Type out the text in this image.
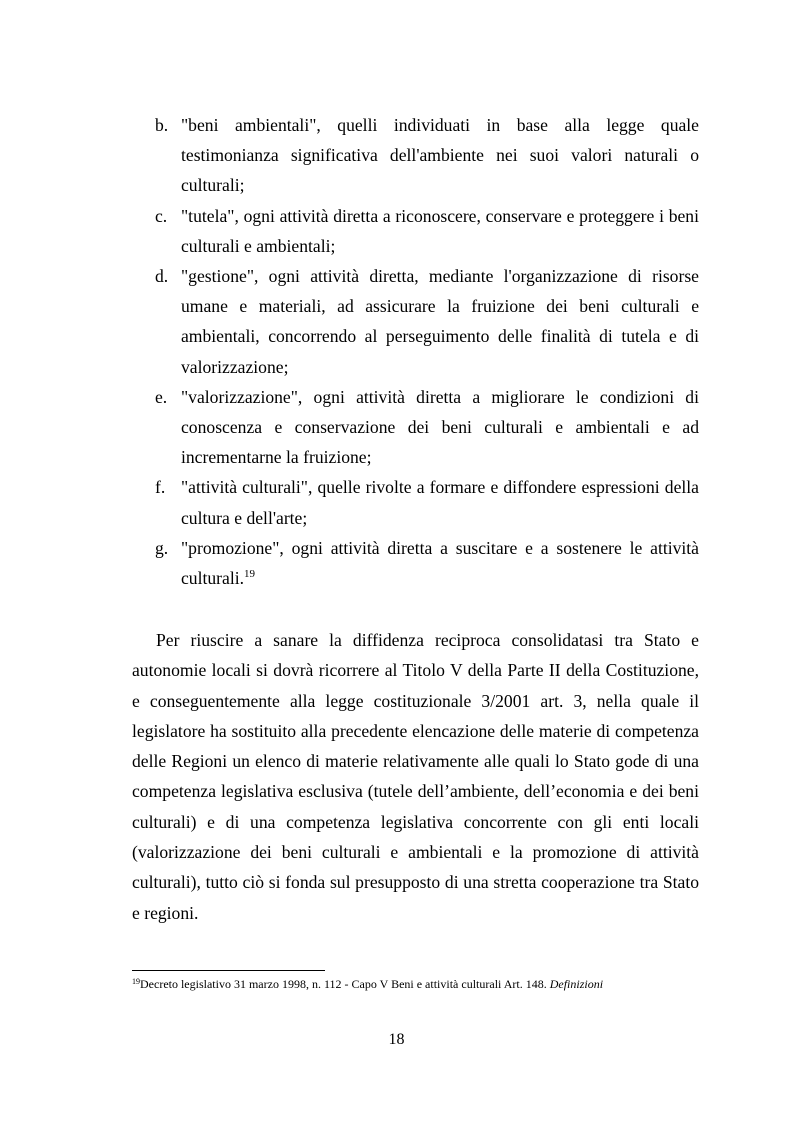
b. "beni ambientali", quelli individuati in base alla legge quale testimonianza significativa dell'ambiente nei suoi valori naturali o culturali;
c. "tutela", ogni attività diretta a riconoscere, conservare e proteggere i beni culturali e ambientali;
d. "gestione", ogni attività diretta, mediante l'organizzazione di risorse umane e materiali, ad assicurare la fruizione dei beni culturali e ambientali, concorrendo al perseguimento delle finalità di tutela e di valorizzazione;
e. "valorizzazione", ogni attività diretta a migliorare le condizioni di conoscenza e conservazione dei beni culturali e ambientali e ad incrementarne la fruizione;
f. "attività culturali", quelle rivolte a formare e diffondere espressioni della cultura e dell'arte;
g. "promozione", ogni attività diretta a suscitare e a sostenere le attività culturali.$^{19}$

Per riuscire a sanare la diffidenza reciproca consolidatasi tra Stato e autonomie locali si dovrà ricorrere al Titolo V della Parte II della Costituzione, e conseguentemente alla legge costituzionale 3/2001 art. 3, nella quale il legislatore ha sostituito alla precedente elencazione delle materie di competenza delle Regioni un elenco di materie relativamente alle quali lo Stato gode di una competenza legislativa esclusiva (tutele dell’ambiente, dell’economia e dei beni culturali) e di una competenza legislativa concorrente con gli enti locali (valorizzazione dei beni culturali e ambientali e la promozione di attività culturali), tutto ciò si fonda sul presupposto di una stretta cooperazione tra Stato e regioni.

$^{19}$Decreto legislativo 31 marzo 1998, n. 112 - Capo V Beni e attività culturali Art. 148. Definizioni
18
